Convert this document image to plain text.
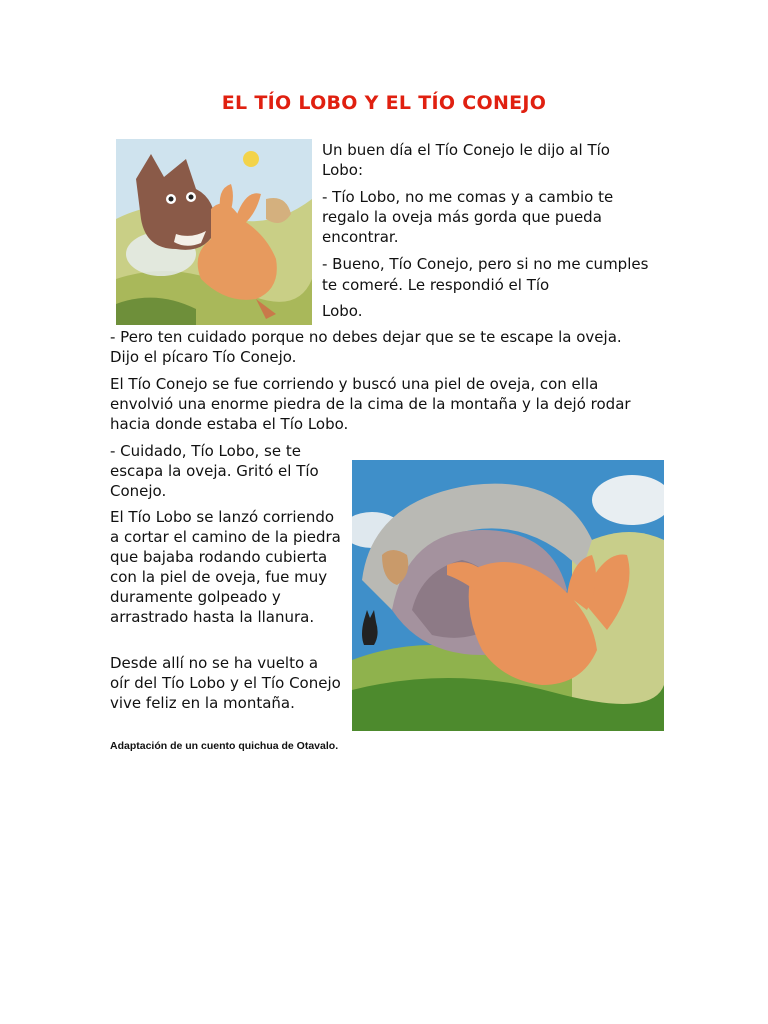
EL TÍO LOBO Y EL TÍO CONEJO

Un buen día el Tío Conejo le dijo al Tío Lobo:

- Tío Lobo, no me comas y a cambio te regalo la oveja más gorda que pueda encontrar.

- Bueno, Tío Conejo, pero si no me cumples te comeré. Le respondió el Tío

Lobo.

- Pero ten cuidado porque no debes dejar que se te escape la oveja. Dijo el pícaro Tío Conejo.

El Tío Conejo se fue corriendo y buscó una piel de oveja, con ella envolvió una enorme piedra de la cima de la montaña y la dejó rodar hacia donde estaba el Tío Lobo.

- Cuidado, Tío Lobo, se te escapa la oveja. Gritó el Tío Conejo.

El Tío Lobo se lanzó corriendo a cortar el camino de la piedra que bajaba rodando cubierta con la piel de oveja, fue muy duramente golpeado y arrastrado hasta la llanura.

Desde allí no se ha vuelto a oír del Tío Lobo y el Tío Conejo vive feliz en la montaña.

Adaptación de un cuento quichua de Otavalo.
